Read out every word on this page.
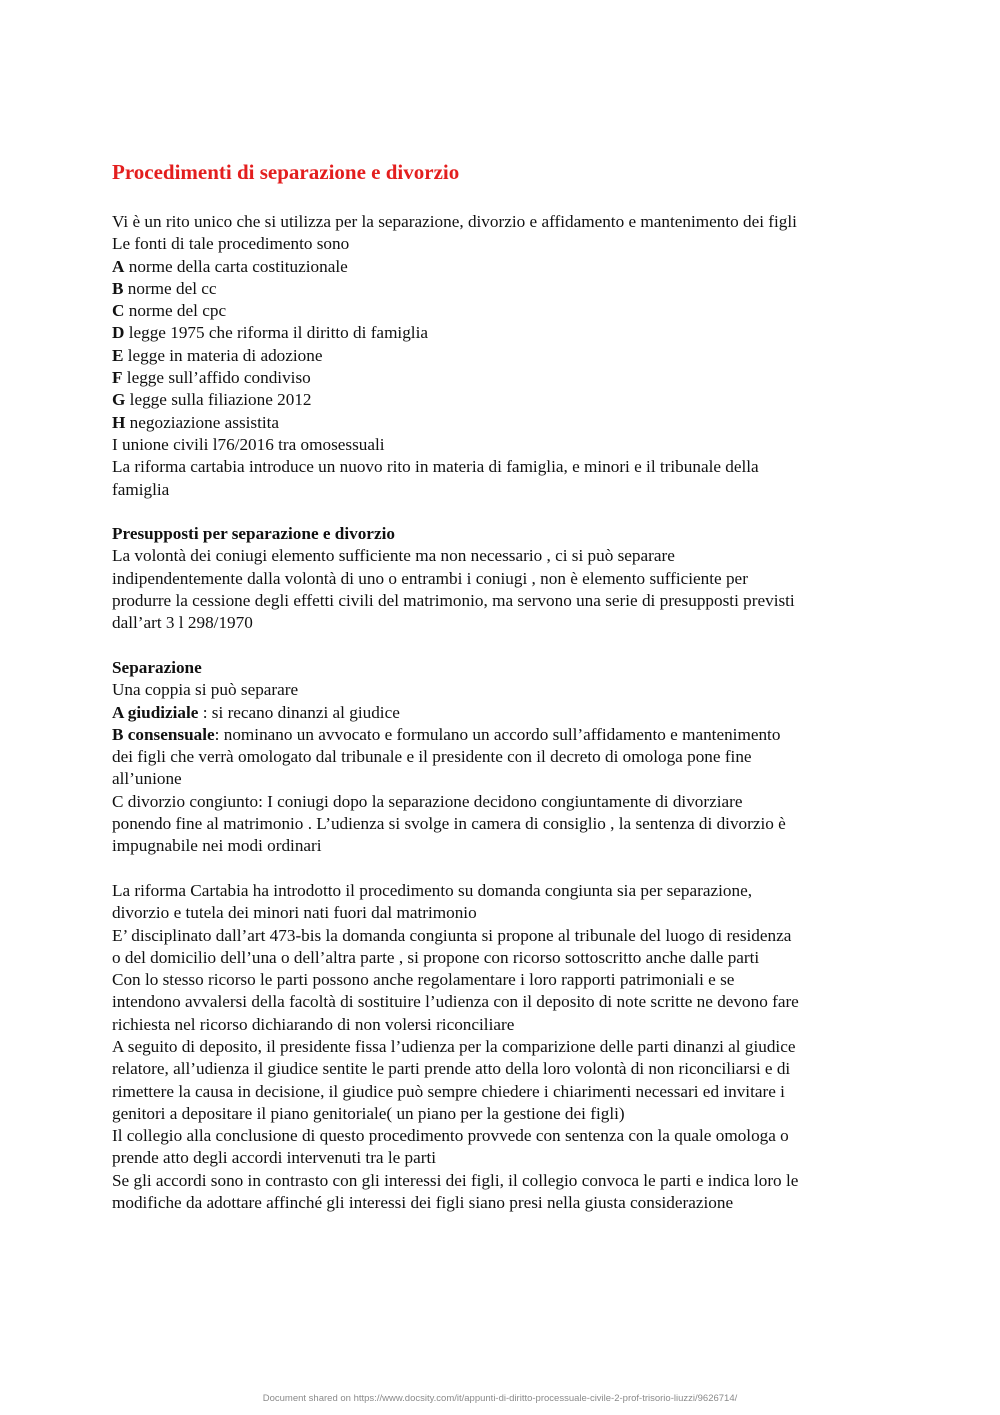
Procedimenti di separazione e divorzio
Vi è un rito unico che si utilizza per la separazione, divorzio e affidamento e mantenimento dei figli
Le fonti di tale procedimento sono
A norme della carta costituzionale
B norme del cc
C norme del cpc
D legge 1975 che riforma il diritto di famiglia
E legge in materia di adozione
F legge sull’affido condiviso
G legge sulla filiazione 2012
H negoziazione assistita
I unione civili l76/2016 tra omosessuali
La riforma cartabia introduce un nuovo rito in materia di famiglia, e minori e il tribunale della
famiglia
Presupposti per separazione e divorzio
La volontà dei coniugi elemento sufficiente ma non necessario , ci si può separare
indipendentemente dalla volontà di uno o entrambi i coniugi , non è elemento sufficiente per
produrre la cessione degli effetti civili del matrimonio, ma servono una serie di presupposti previsti
dall’art 3 l 298/1970
Separazione
Una coppia si può separare
A giudiziale : si recano dinanzi al giudice
B consensuale: nominano un avvocato e formulano un accordo sull’affidamento e mantenimento
dei figli che verrà omologato dal tribunale e il presidente con il decreto di omologa pone fine
all’unione
C divorzio congiunto: I coniugi dopo la separazione decidono congiuntamente di divorziare
ponendo fine al matrimonio . L’udienza si svolge in camera di consiglio , la sentenza di divorzio è
impugnabile nei modi ordinari
La riforma Cartabia ha introdotto il procedimento su domanda congiunta sia per separazione,
divorzio e tutela dei minori nati fuori dal matrimonio
E’ disciplinato dall’art 473-bis la domanda congiunta si propone al tribunale del luogo di residenza
o del domicilio dell’una o dell’altra parte , si propone con ricorso sottoscritto anche dalle parti
Con lo stesso ricorso le parti possono anche regolamentare i loro rapporti patrimoniali e se
intendono avvalersi della facoltà di sostituire l’udienza con il deposito di note scritte ne devono fare
richiesta nel ricorso dichiarando di non volersi riconciliare
A seguito di deposito, il presidente fissa l’udienza per la comparizione delle parti dinanzi al giudice
relatore, all’udienza il giudice sentite le parti prende atto della loro volontà di non riconciliarsi e di
rimettere la causa in decisione, il giudice può sempre chiedere i chiarimenti necessari ed invitare i
genitori a depositare il piano genitoriale( un piano per la gestione dei figli)
Il collegio alla conclusione di questo procedimento provvede con sentenza con la quale omologa o
prende atto degli accordi intervenuti tra le parti
Se gli accordi sono in contrasto con gli interessi dei figli, il collegio convoca le parti e indica loro le
modifiche da adottare affinché gli interessi dei figli siano presi nella giusta considerazione
Document shared on https://www.docsity.com/it/appunti-di-diritto-processuale-civile-2-prof-trisorio-liuzzi/9626714/
